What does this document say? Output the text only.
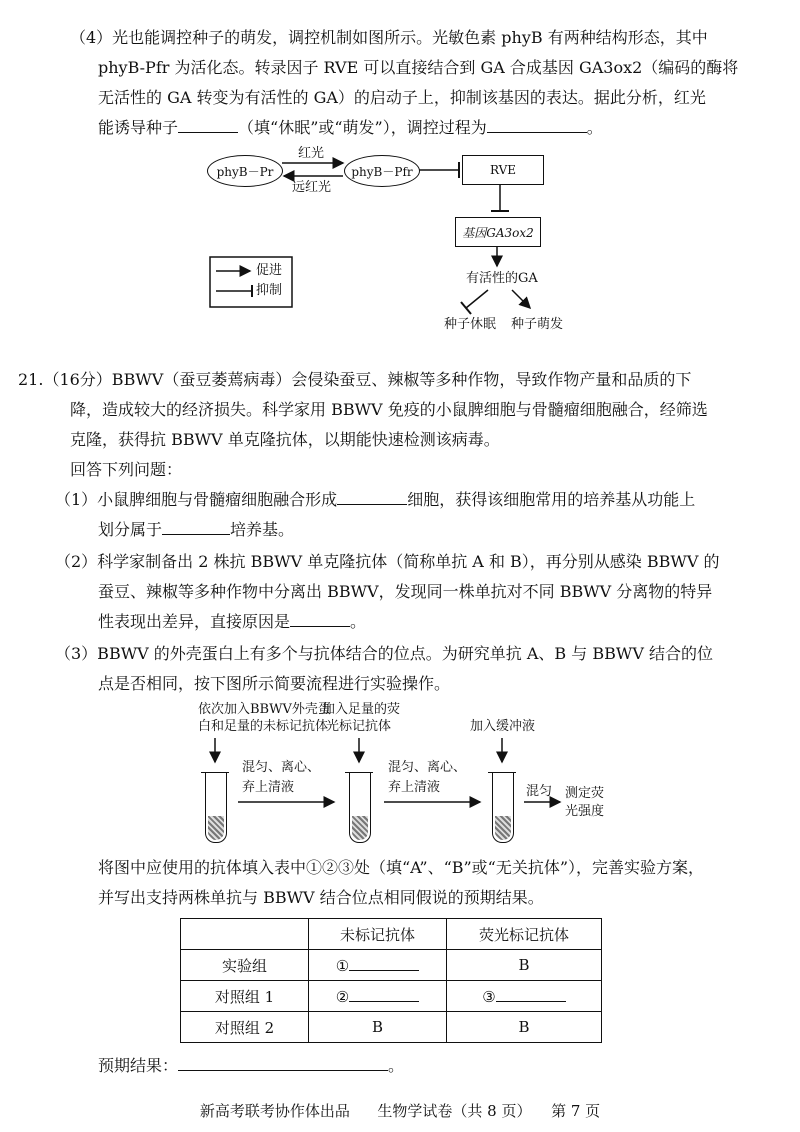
（4）光也能调控种子的萌发，调控机制如图所示。光敏色素 phyB 有两种结构形态，其中
phyB-Pfr 为活化态。转录因子 RVE 可以直接结合到 GA 合成基因 GA3ox2（编码的酶将
无活性的 GA 转变为有活性的 GA）的启动子上，抑制该基因的表达。据此分析，红光
能诱导种子	（填“休眠”或“萌发”），调控过程为	。
phyB－Pr	phyB－Pfr	RVE
基因GA3ox2
红光
远红光
有活性的GA
种子休眠 种子萌发
促进
抑制
21.（16分）BBWV（蚕豆萎蔫病毒）会侵染蚕豆、辣椒等多种作物，导致作物产量和品质的下
降，造成较大的经济损失。科学家用 BBWV 免疫的小鼠脾细胞与骨髓瘤细胞融合，经筛选
克隆，获得抗 BBWV 单克隆抗体，以期能快速检测该病毒。
回答下列问题：
（1）小鼠脾细胞与骨髓瘤细胞融合形成	细胞，获得该细胞常用的培养基从功能上
划分属于	培养基。
（2）科学家制备出 2 株抗 BBWV 单克隆抗体（简称单抗 A 和 B），再分别从感染 BBWV 的
蚕豆、辣椒等多种作物中分离出 BBWV，发现同一株单抗对不同 BBWV 分离物的特异
性表现出差异，直接原因是	。
（3）BBWV 的外壳蛋白上有多个与抗体结合的位点。为研究单抗 A、B 与 BBWV 结合的位
点是否相同，按下图所示简要流程进行实验操作。
依次加入BBWV外壳蛋
白和足量的未标记抗体
加入足量的荧
光标记抗体	加入缓冲液
混匀、离心、
弃上清液
混匀、离心、
弃上清液	混匀 测定荧
光强度
将图中应使用的抗体填入表中①②③处（填“A”、“B”或“无关抗体”），完善实验方案，
并写出支持两株单抗与 BBWV 结合位点相同假说的预期结果。
	未标记抗体	荧光标记抗体
实验组	①	B
对照组 1	②	③
对照组 2	B	B
预期结果：	。
新高考联考协作体出品 生物学试卷（共 8 页） 第 7 页
